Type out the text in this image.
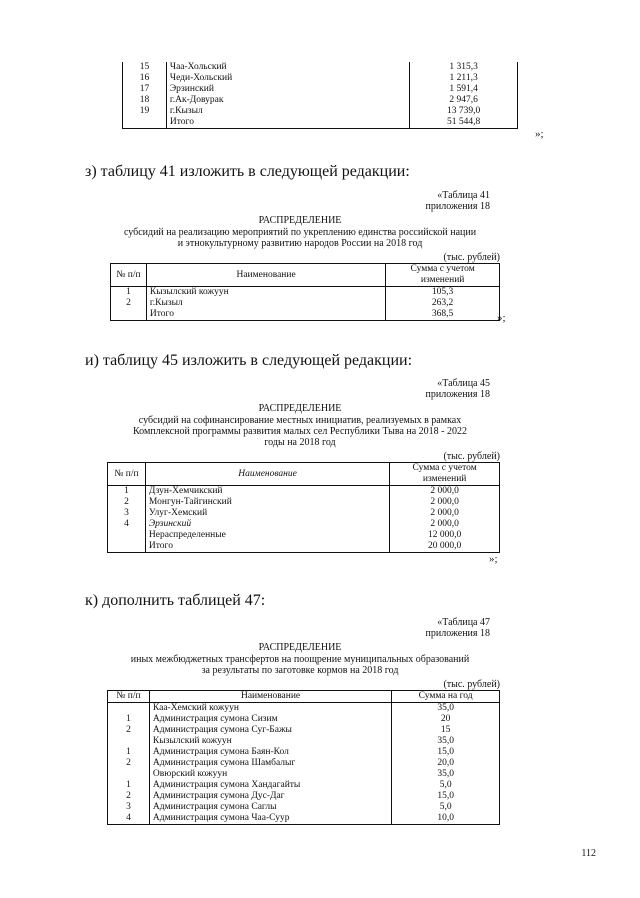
15	Чаа-Хольский	1 315,3
16	Чеди-Хольский	1 211,3
17	Эрзинский	1 591,4
18	г.Ак-Довурак	2 947,6
19	г.Кызыл	13 739,0
	Итого	51 544,8
»;
з) таблицу 41 изложить в следующей редакции:
«Таблица 41
приложения 18
РАСПРЕДЕЛЕНИЕ
субсидий на реализацию мероприятий по укреплению единства российской нации
и этнокультурному развитию народов России на 2018 год
(тыс. рублей)
№ п/п	Наименование	Сумма с учетом
изменений
1	Кызылский кожуун	105,3
2	г.Кызыл	263,2
	Итого	368,5	»;
и) таблицу 45 изложить в следующей редакции:
«Таблица 45
приложения 18
РАСПРЕДЕЛЕНИЕ
субсидий на софинансирование местных инициатив, реализуемых в рамках
Комплексной программы развития малых сел Республики Тыва на 2018 - 2022
годы на 2018 год
(тыс. рублей)
№ п/п	Наименование	Сумма с учетом
изменений
1	Дзун-Хемчикский	2 000,0
2	Монгун-Тайгинский	2 000,0
3	Улуг-Хемский	2 000,0
4	Эрзинский	2 000,0
	Нераспределенные	12 000,0
	Итого	20 000,0
»;
к) дополнить таблицей 47:
«Таблица 47
приложения 18
РАСПРЕДЕЛЕНИЕ
иных межбюджетных трансфертов на поощрение муниципальных образований
за результаты по заготовке кормов на 2018 год
(тыс. рублей)
№ п/п	Наименование	Сумма на год
	Каа-Хемский кожуун	35,0
1	Администрация сумона Сизим	20
2	Администрация сумона Суг-Бажы	15
	Кызылский кожуун	35,0
1	Администрация сумона Баян-Кол	15,0
2	Администрация сумона Шамбалыг	20,0
	Овюрский кожуун	35,0
1	Администрация сумона Хандагайты	5,0
2	Администрация сумона Дус-Даг	15,0
3	Администрация сумона Саглы	5,0
4	Администрация сумона Чаа-Суур	10,0
112
